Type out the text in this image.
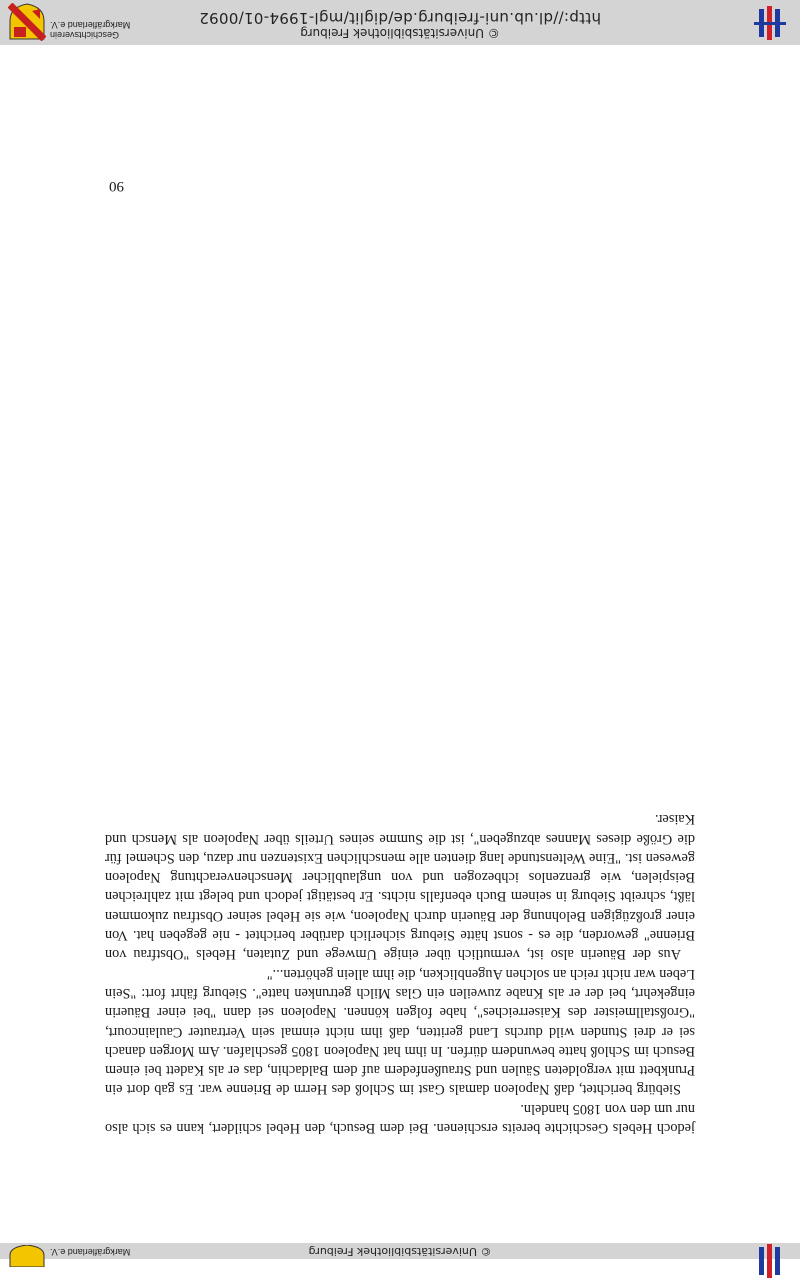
© Universitätsbibliothek Freiburg
http://dl.ub.uni-freiburg.de/diglit/mgl-1994-01/0092
Geschichtsverein
Markgräflerland e.V.
© Universitätsbibliothek Freiburg
Markgräflerland e.V.

jedoch Hebels Geschichte bereits erschienen. Bei dem Besuch, den Hebel schildert, kann es sich also nur um den von 1805 handeln.

Siebürg berichtet, daß Napoleon damals Gast im Schloß des Herrn de Brienne war. Es gab dort ein Prunkbett mit vergoldeten Säulen und Straußenfedern auf dem Baldachin, das er als Kadett bei einem Besuch im Schloß hatte bewundern dürfen. In ihm hat Napoleon 1805 geschlafen. Am Morgen danach sei er drei Stunden wild durchs Land geritten, daß ihm nicht einmal sein Vertrauter Caulaincourt, "Großstallmeister des Kaiserreiches", habe folgen können. Napoleon sei dann "bei einer Bäuerin eingekehrt, bei der er als Knabe zuweilen ein Glas Milch getrunken hatte". Sieburg fährt fort: "Sein Leben war nicht reich an solchen Augenblicken, die ihm allein gehörten..."

Aus der Bäuerin also ist, vermutlich über einige Umwege und Zutaten, Hebels "Obstfrau von Brienne" geworden, die es - sonst hätte Sieburg sicherlich darüber berichtet - nie gegeben hat. Von einer großzügigen Belohnung der Bäuerin durch Napoleon, wie sie Hebel seiner Obstfrau zukommen läßt, schreibt Sieburg in seinem Buch ebenfalls nichts. Er bestätigt jedoch und belegt mit zahlreichen Beispielen, wie grenzenlos ichbezogen und von unglaublicher Menschenverachtung Napoleon gewesen ist. "Eine Weltenstunde lang dienten alle menschlichen Existenzen nur dazu, den Schemel für die Größe dieses Mannes abzugeben", ist die Summe seines Urteils über Napoleon als Mensch und Kaiser.

90
